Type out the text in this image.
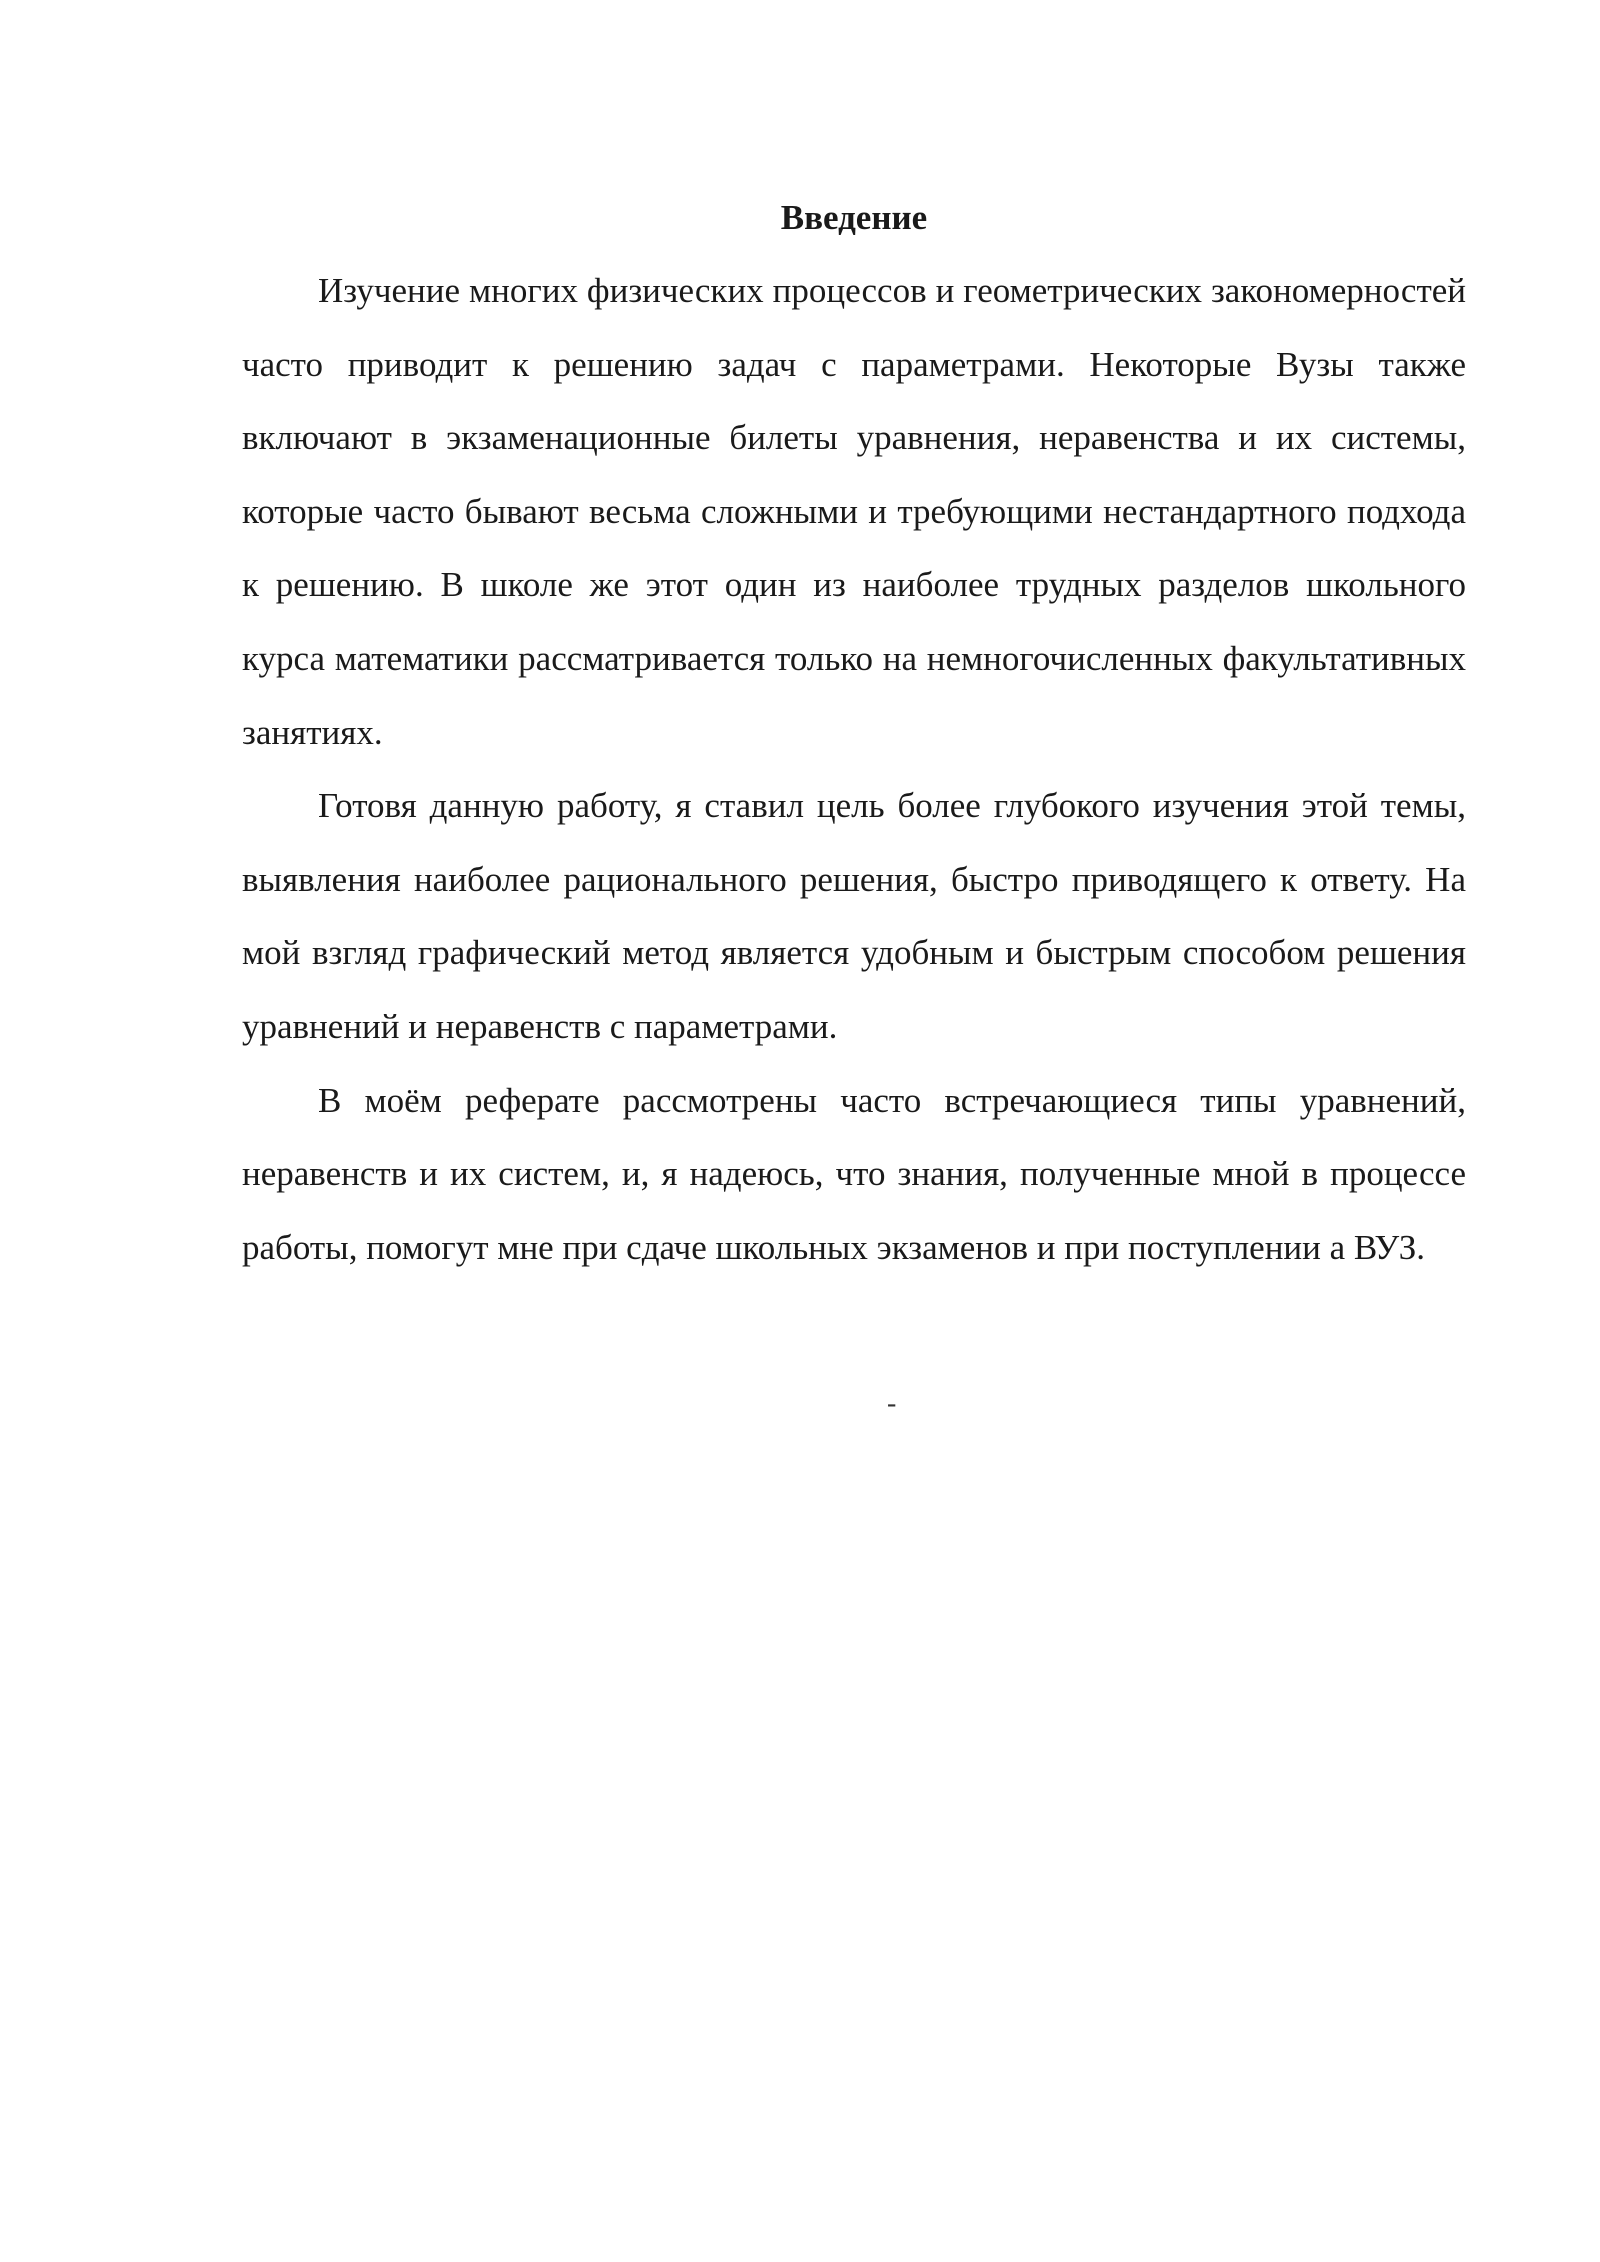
Введение

Изучение многих физических процессов и геометрических закономерностей часто приводит к решению задач с параметрами. Некоторые Вузы также включают в экзаменационные билеты уравнения, неравенства и их системы, которые часто бывают весьма сложными и требующими нестандартного подхода к решению. В школе же этот один из наиболее трудных разделов школьного курса математики рассматривается только на немногочисленных факультативных занятиях.

Готовя данную работу, я ставил цель более глубокого изучения этой темы, выявления наиболее рационального решения, быстро приводящего к ответу. На мой взгляд графический метод является удобным и быстрым способом решения уравнений и неравенств с параметрами.

В моём реферате рассмотрены часто встречающиеся типы уравнений, неравенств и их систем, и, я надеюсь, что знания, полученные мной в процессе работы, помогут мне при сдаче школьных экзаменов и при поступлении а ВУЗ.

-
